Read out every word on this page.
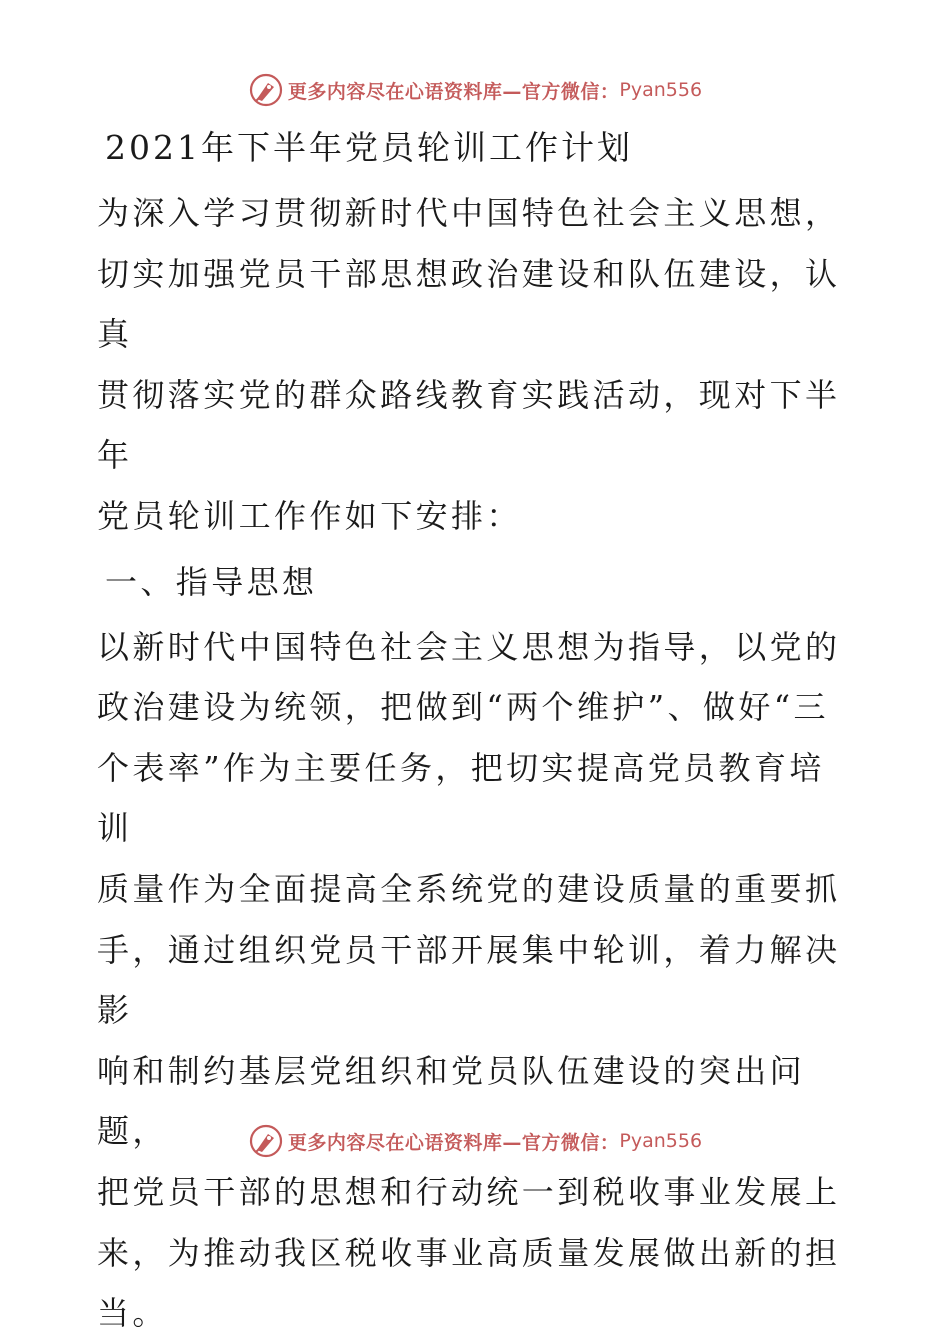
更多内容尽在心语资料库—官方微信： Pyan556
2021年下半年党员轮训工作计划

为深入学习贯彻新时代中国特色社会主义思想，
切实加强党员干部思想政治建设和队伍建设，认真
贯彻落实党的群众路线教育实践活动，现对下半年
党员轮训工作作如下安排：

一、指导思想

以新时代中国特色社会主义思想为指导，以党的
政治建设为统领，把做到“两个维护”、做好“三
个表率”作为主要任务，把切实提高党员教育培训
质量作为全面提高全系统党的建设质量的重要抓
手，通过组织党员干部开展集中轮训，着力解决影
响和制约基层党组织和党员队伍建设的突出问题，
把党员干部的思想和行动统一到税收事业发展上
来，为推动我区税收事业高质量发展做出新的担
当。

更多内容尽在心语资料库—官方微信： Pyan556
